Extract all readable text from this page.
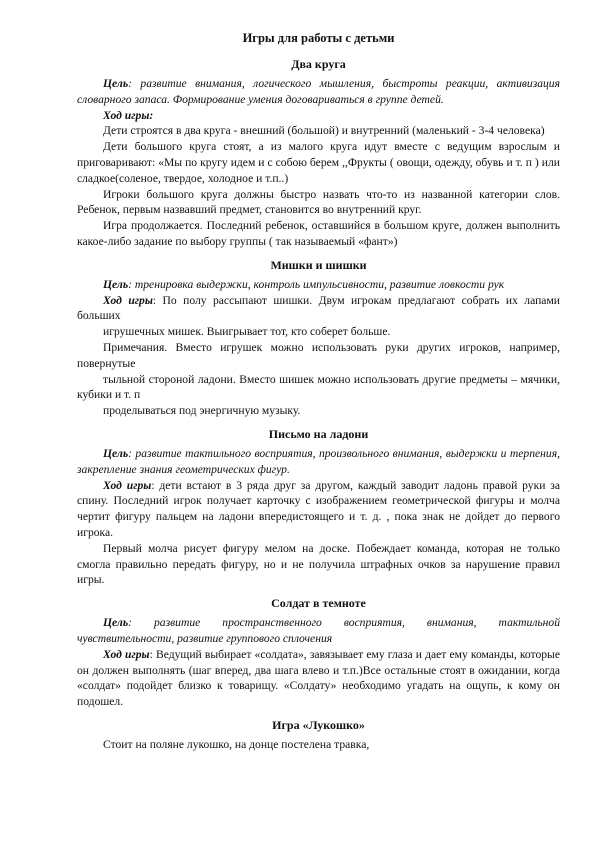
Игры для работы с детьми

Два круга

Цель: развитие внимания, логического мышления, быстроты реакции, активизация словарного запаса. Формирование умения договариваться в группе детей.

Ход игры:

Дети строятся в два круга - внешний (большой) и внутренний (маленький - 3-4 человека)

Дети большого круга стоят, а из малого круга идут вместе с ведущим взрослым и приговаривают: «Мы по кругу идем и с собою берем ,,Фрукты ( овощи, одежду, обувь и т. п ) или сладкое(соленое, твердое, холодное и т.п..)

Игроки большого круга должны быстро назвать что-то из названной категории слов. Ребенок, первым назвавший предмет, становится во внутренний круг.

Игра продолжается. Последний ребенок, оставшийся в большом круге, должен выполнить какое-либо задание по выбору группы ( так называемый «фант»)

Мишки и шишки

Цель: тренировка выдержки, контроль импульсивности, развитие ловкости рук

Ход игры: По полу рассыпают шишки. Двум игрокам предлагают собрать их лапами больших

игрушечных мишек. Выигрывает тот, кто соберет больше.

Примечания. Вместо игрушек можно использовать руки других игроков, например, повернутые

тыльной стороной ладони. Вместо шишек можно использовать другие предметы – мячики, кубики и т. п

проделываться под энергичную музыку.

Письмо на ладони

Цель: развитие тактильного восприятия, произвольного внимания, выдержки и терпения, закрепление знания геометрических фигур.

Ход игры: дети встают в 3 ряда друг за другом, каждый заводит ладонь правой руки за спину. Последний игрок получает карточку с изображением геометрической фигуры и молча чертит фигуру пальцем на ладони впередистоящего и т. д. , пока знак не дойдет до первого игрока.

Первый молча рисует фигуру мелом на доске. Побеждает команда, которая не только смогла правильно передать фигуру, но и не получила штрафных очков за нарушение правил игры.

Солдат в темноте

Цель: развитие пространственного восприятия, внимания, тактильной чувствительности, развитие группового сплочения

Ход игры: Ведущий выбирает «солдата», завязывает ему глаза и дает ему команды, которые он должен выполнять (шаг вперед, два шага влево и т.п.)Все остальные стоят в ожидании, когда «солдат» подойдет близко к товарищу. «Солдату» необходимо угадать на ощупь, к кому он подошел.

Игра «Лукошко»

Стоит на поляне лукошко, на донце постелена травка,
